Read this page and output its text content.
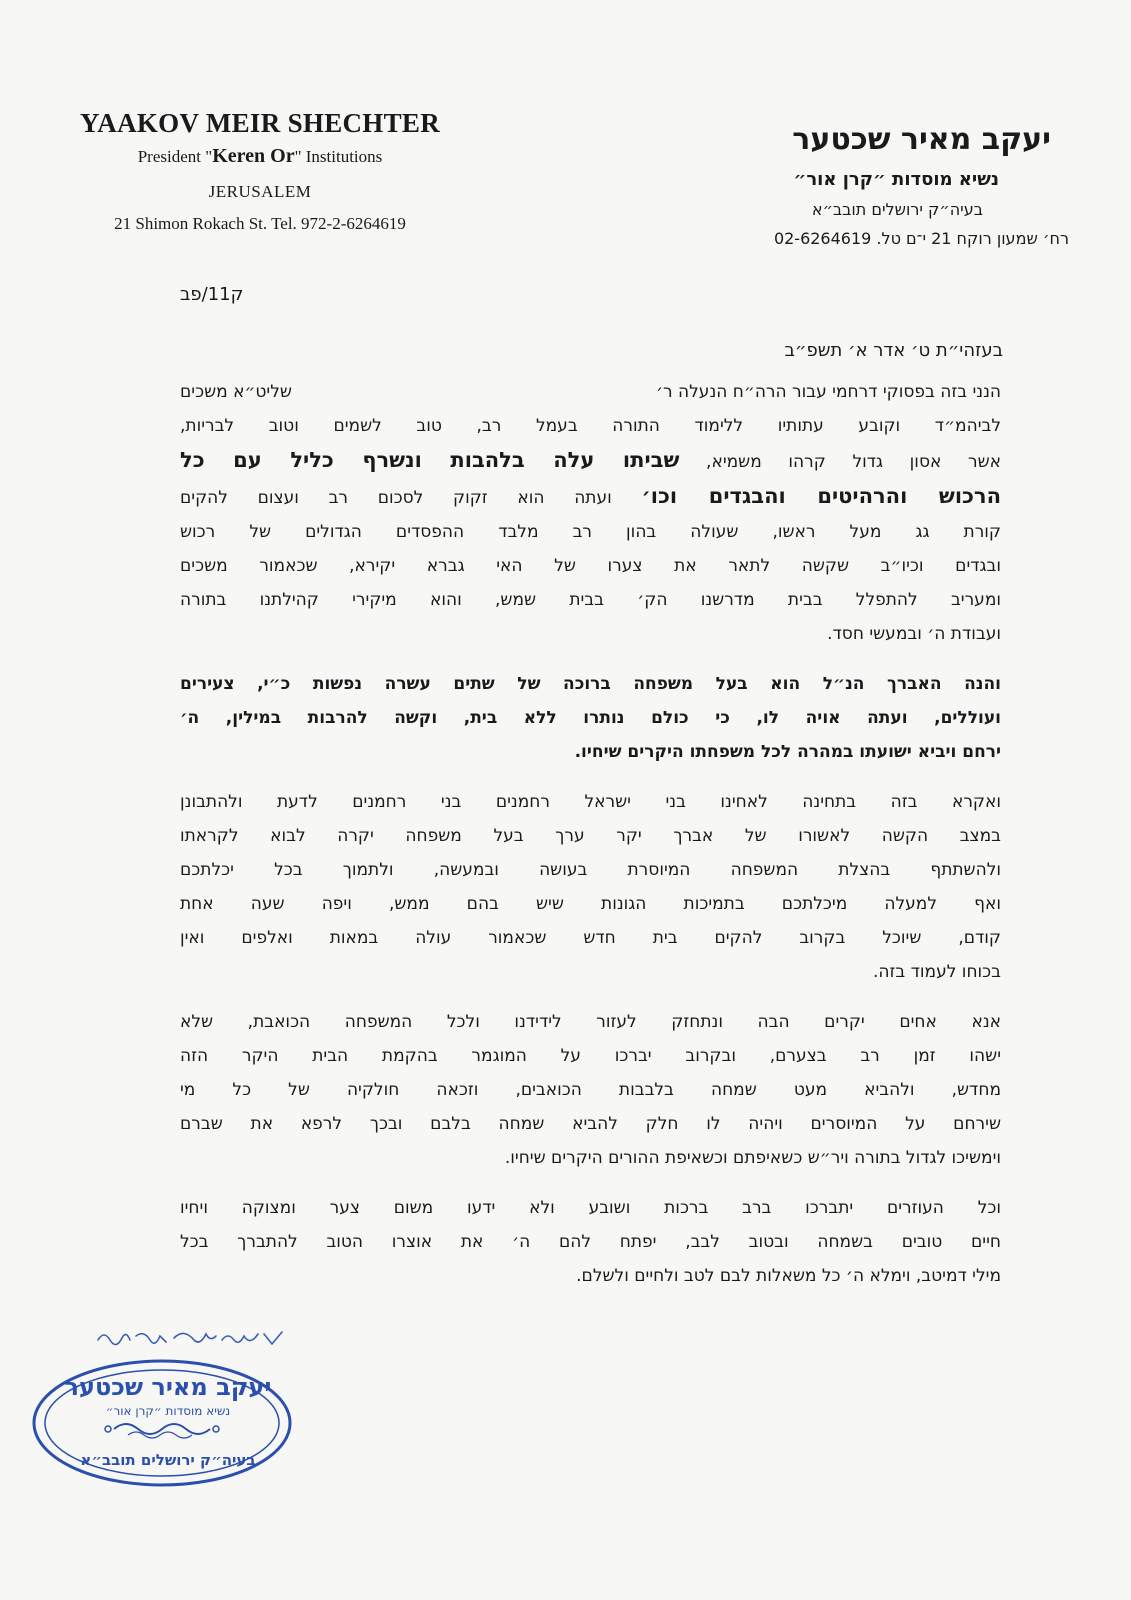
YAAKOV MEIR SHECHTER
President "Keren Or" Institutions
JERUSALEM
21 Shimon Rokach St. Tel. 972-2-6264619
יעקב מאיר שכטער
נשיא מוסדות ״קרן אור״
בעיה״ק ירושלים תובב״א
רח׳ שמעון רוקח 21 י־ם טל. 02-6264619
ק11/פב
בעזהי״ת ט׳ אדר א׳ תשפ״ב
הנני בזה בפסוקי דרחמי עבור הרה״ח הנעלה ר׳
שליט״א משכים
לביהמ״ד וקובע עתותיו ללימוד התורה בעמל רב, טוב לשמים וטוב לבריות,
אשר אסון גדול קרהו משמיא, שביתו עלה בלהבות ונשרף כליל עם כל
הרכוש והרהיטים והבגדים וכו׳ ועתה הוא זקוק לסכום רב ועצום להקים
קורת גג מעל ראשו, שעולה בהון רב מלבד ההפסדים הגדולים של רכוש
ובגדים וכיו״ב שקשה לתאר את צערו של האי גברא יקירא, שכאמור משכים
ומעריב להתפלל בבית מדרשנו הק׳ בבית שמש, והוא מיקירי קהילתנו בתורה
ועבודת ה׳ ובמעשי חסד.
והנה האברך הנ״ל הוא בעל משפחה ברוכה של שתים עשרה נפשות כ״י, צעירים
ועוללים, ועתה אויה לו, כי כולם נותרו ללא בית, וקשה להרבות במילין, ה׳
ירחם ויביא ישועתו במהרה לכל משפחתו היקרים שיחיו.
ואקרא בזה בתחינה לאחינו בני ישראל רחמנים בני רחמנים לדעת ולהתבונן
במצב הקשה לאשורו של אברך יקר ערך בעל משפחה יקרה לבוא לקראתו
ולהשתתף בהצלת המשפחה המיוסרת בעושה ובמעשה, ולתמוך בכל יכלתכם
ואף למעלה מיכלתכם בתמיכות הגונות שיש בהם ממש, ויפה שעה אחת
קודם, שיוכל בקרוב להקים בית חדש שכאמור עולה במאות ואלפים ואין
בכוחו לעמוד בזה.
אנא אחים יקרים הבה ונתחזק לעזור לידידנו ולכל המשפחה הכואבת, שלא
ישהו זמן רב בצערם, ובקרוב יברכו על המוגמר בהקמת הבית היקר הזה
מחדש, ולהביא מעט שמחה בלבבות הכואבים, וזכאה חולקיה של כל מי
שירחם על המיוסרים ויהיה לו חלק להביא שמחה בלבם ובכך לרפא את שברם
וימשיכו לגדול בתורה ויר״ש כשאיפתם וכשאיפת ההורים היקרים שיחיו.
וכל העוזרים יתברכו ברב ברכות ושובע ולא ידעו משום צער ומצוקה ויחיו
חיים טובים בשמחה ובטוב לבב, יפתח להם ה׳ את אוצרו הטוב להתברך בכל
מילי דמיטב, וימלא ה׳ כל משאלות לבם לטב ולחיים ולשלם.
יעקב מאיר שכטער
נשיא מוסדות ״קרן אור״
בעיה״ק ירושלים תובב״א
